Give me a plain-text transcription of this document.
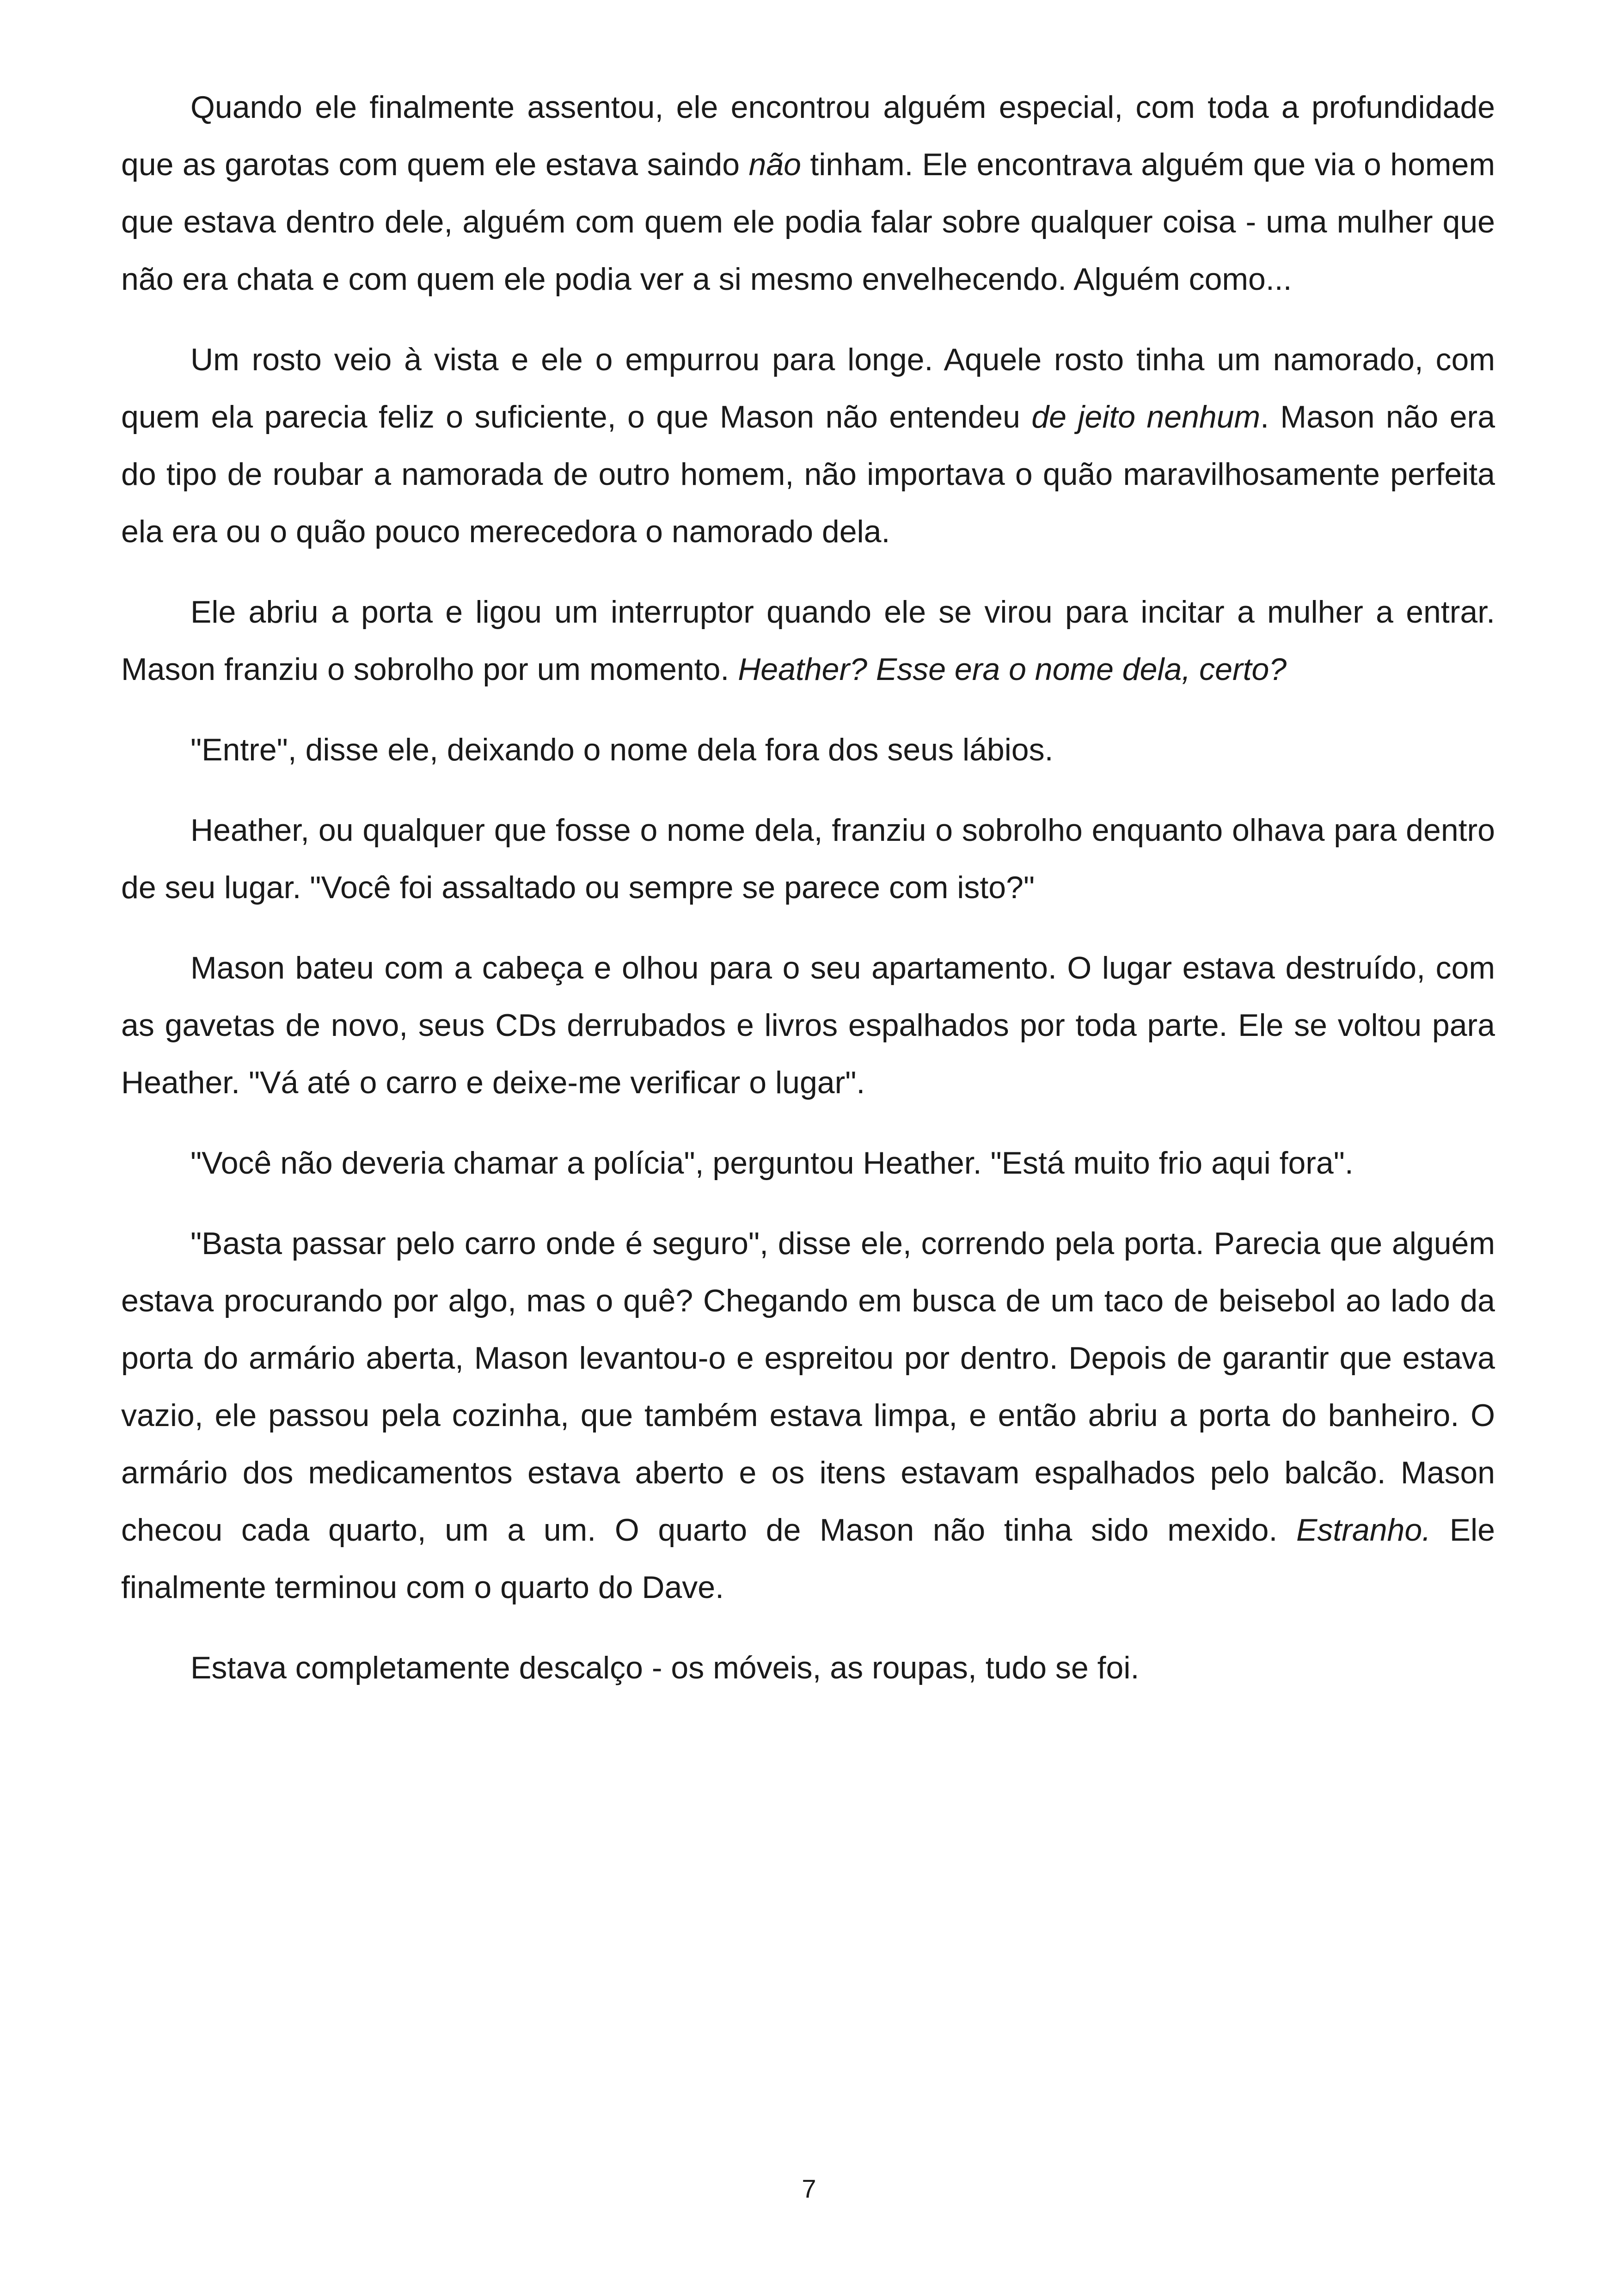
Quando ele finalmente assentou, ele encontrou alguém especial, com toda a profundidade que as garotas com quem ele estava saindo não tinham. Ele encontrava alguém que via o homem que estava dentro dele, alguém com quem ele podia falar sobre qualquer coisa - uma mulher que não era chata e com quem ele podia ver a si mesmo envelhecendo. Alguém como...

Um rosto veio à vista e ele o empurrou para longe. Aquele rosto tinha um namorado, com quem ela parecia feliz o suficiente, o que Mason não entendeu de jeito nenhum. Mason não era do tipo de roubar a namorada de outro homem, não importava o quão maravilhosamente perfeita ela era ou o quão pouco merecedora o namorado dela.

Ele abriu a porta e ligou um interruptor quando ele se virou para incitar a mulher a entrar. Mason franziu o sobrolho por um momento. Heather? Esse era o nome dela, certo?

"Entre", disse ele, deixando o nome dela fora dos seus lábios.

Heather, ou qualquer que fosse o nome dela, franziu o sobrolho enquanto olhava para dentro de seu lugar. "Você foi assaltado ou sempre se parece com isto?"

Mason bateu com a cabeça e olhou para o seu apartamento. O lugar estava destruído, com as gavetas de novo, seus CDs derrubados e livros espalhados por toda parte. Ele se voltou para Heather. "Vá até o carro e deixe-me verificar o lugar".

"Você não deveria chamar a polícia", perguntou Heather. "Está muito frio aqui fora".

"Basta passar pelo carro onde é seguro", disse ele, correndo pela porta. Parecia que alguém estava procurando por algo, mas o quê? Chegando em busca de um taco de beisebol ao lado da porta do armário aberta, Mason levantou-o e espreitou por dentro. Depois de garantir que estava vazio, ele passou pela cozinha, que também estava limpa, e então abriu a porta do banheiro. O armário dos medicamentos estava aberto e os itens estavam espalhados pelo balcão. Mason checou cada quarto, um a um. O quarto de Mason não tinha sido mexido. Estranho. Ele finalmente terminou com o quarto do Dave.

Estava completamente descalço - os móveis, as roupas, tudo se foi.

7
